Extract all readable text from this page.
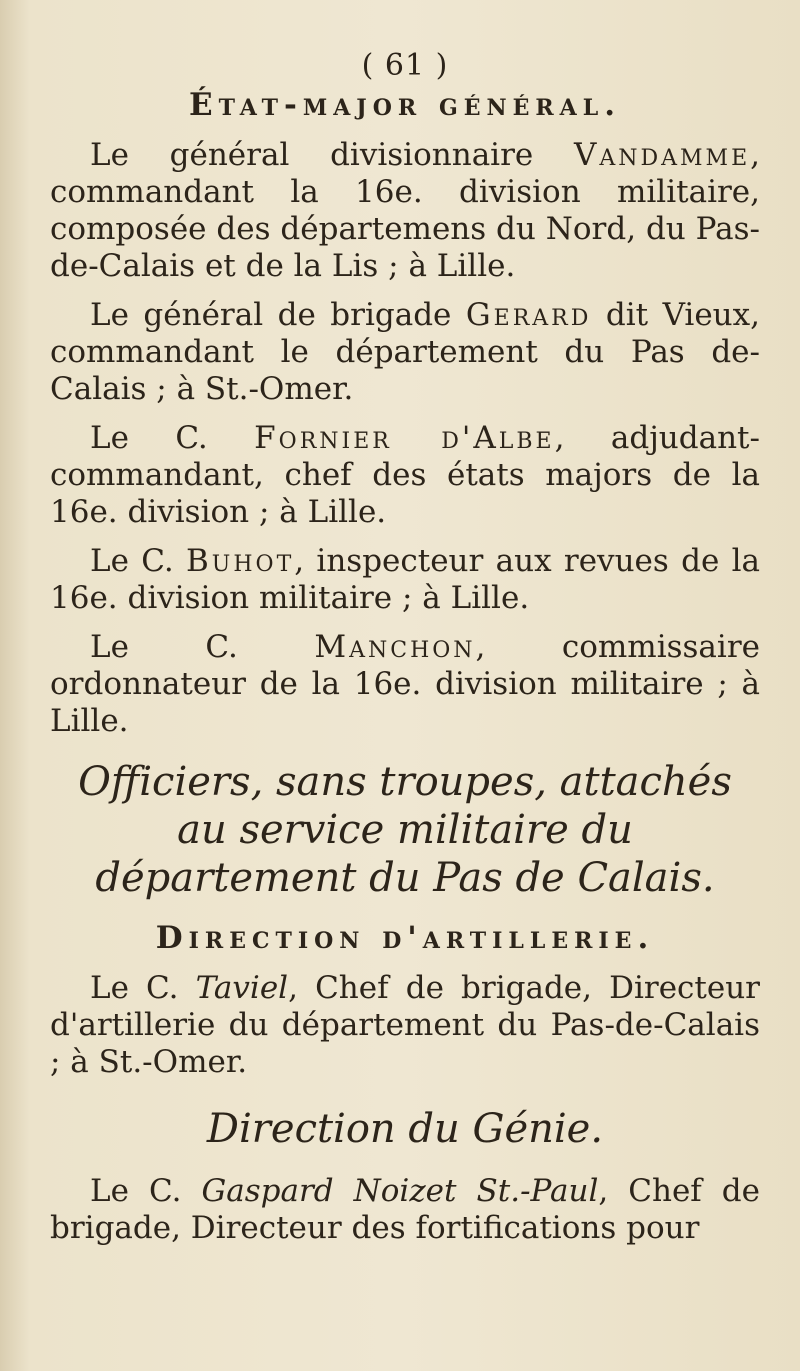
( 61 )
État-major général.

Le général divisionnaire Vandamme, commandant la 16e. division militaire, composée des départemens du Nord, du Pas-de-Calais et de la Lis ; à Lille.

Le général de brigade Gerard dit Vieux, commandant le département du Pas de-Calais ; à St.-Omer.

Le C. Fornier d'Albe, adjudant-commandant, chef des états majors de la 16e. division ; à Lille.

Le C. Buhot, inspecteur aux revues de la 16e. division militaire ; à Lille.

Le C. Manchon, commissaire ordonnateur de la 16e. division militaire ; à Lille.

Officiers, sans troupes, attachés au service militaire du département du Pas de Calais.
Direction d'artillerie.

Le C. Taviel, Chef de brigade, Directeur d'artillerie du département du Pas-de-Calais ; à St.-Omer.

Direction du Génie.

Le C. Gaspard Noizet St.-Paul, Chef de brigade, Directeur des fortifications pour
